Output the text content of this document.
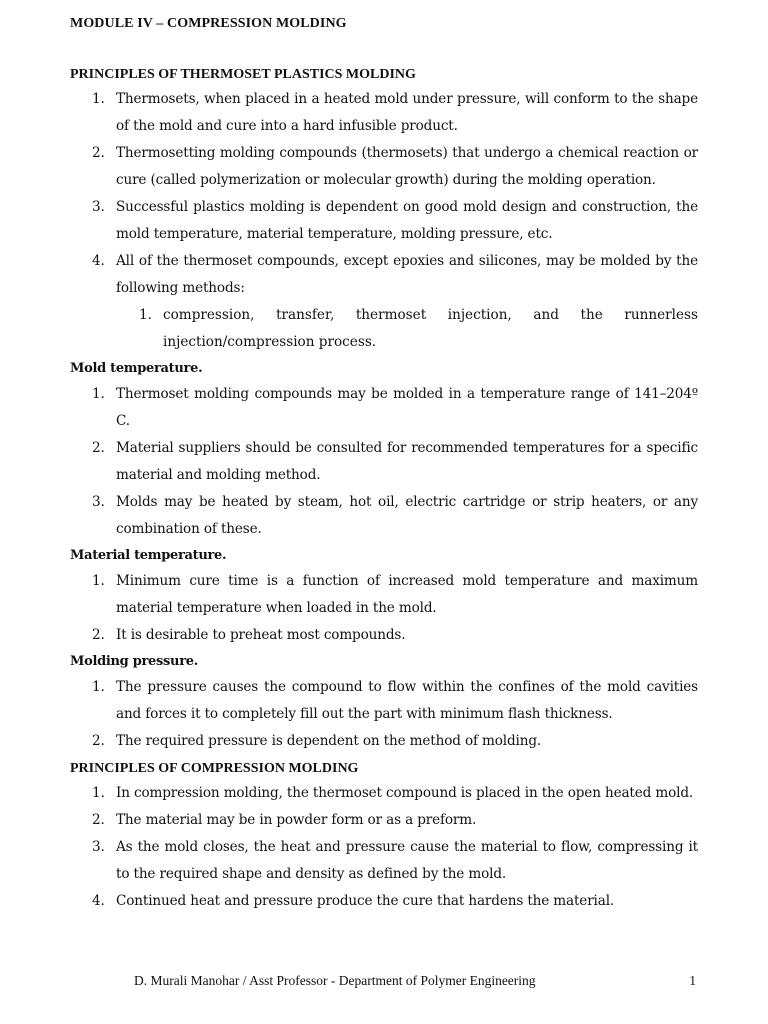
MODULE IV – COMPRESSION MOLDING
PRINCIPLES OF THERMOSET PLASTICS MOLDING
1. Thermosets, when placed in a heated mold under pressure, will conform to the shape of the mold and cure into a hard infusible product.
2. Thermosetting molding compounds (thermosets) that undergo a chemical reaction or cure (called polymerization or molecular growth) during the molding operation.
3. Successful plastics molding is dependent on good mold design and construction, the mold temperature, material temperature, molding pressure, etc.
4. All of the thermoset compounds, except epoxies and silicones, may be molded by the following methods:
1. compression, transfer, thermoset injection, and the runnerless
injection/compression process.
Mold temperature.
1. Thermoset molding compounds may be molded in a temperature range of 141–204º C.
2. Material suppliers should be consulted for recommended temperatures for a specific material and molding method.
3. Molds may be heated by steam, hot oil, electric cartridge or strip heaters, or any combination of these.
Material temperature.
1. Minimum cure time is a function of increased mold temperature and maximum material temperature when loaded in the mold.
2. It is desirable to preheat most compounds.
Molding pressure.
1. The pressure causes the compound to flow within the confines of the mold cavities and forces it to completely fill out the part with minimum flash thickness.
2. The required pressure is dependent on the method of molding.
PRINCIPLES OF COMPRESSION MOLDING
1. In compression molding, the thermoset compound is placed in the open heated mold.
2. The material may be in powder form or as a preform.
3. As the mold closes, the heat and pressure cause the material to flow, compressing it to the required shape and density as defined by the mold.
4. Continued heat and pressure produce the cure that hardens the material.
D. Murali Manohar / Asst Professor - Department of Polymer Engineering	1
